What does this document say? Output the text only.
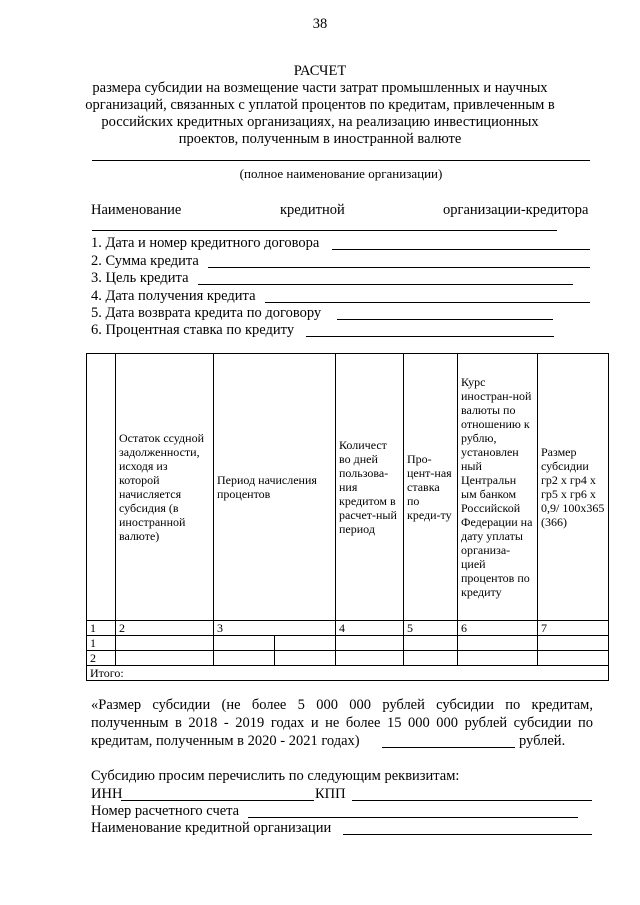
38
РАСЧЕТ
размера субсидии на возмещение части затрат промышленных и научных
организаций, связанных с уплатой процентов по кредитам, привлеченным в
российских кредитных организациях, на реализацию инвестиционных
проектов, полученным в иностранной валюте
(полное наименование организации)
Наименование	кредитной	организации-кредитора
1. Дата и номер кредитного договора
2. Сумма кредита
3. Цель кредита
4. Дата получения кредита
5. Дата возврата кредита по договору
6. Процентная ставка по кредиту
	Остаток ссудной задолженности, исходя из которой начисляется субсидия (в иностранной валюте)	Период начисления процентов		Количест во дней пользова-ния кредитом в расчет-ный период	Про-цент-ная ставка по креди-ту	Курс иностран-ной валюты по отношению к рублю, установлен ный Центральн ым банком Российской Федерации на дату уплаты организа-цией процентов по кредиту	Размер субсидии гр2 х гр4 х гр5 х гр6 х 0,9/ 100х365 (366)
1	2	3		4	5	6	7
1							
2							
Итого:							
«Размер субсидии (не более 5 000 000 рублей субсидии по кредитам,
полученным в 2018 - 2019 годах и не более 15 000 000 рублей субсидии по
кредитам, полученным в 2020 - 2021 годах)	рублей.
Субсидию просим перечислить по следующим реквизитам:
ИНН	КПП
Номер расчетного счета
Наименование кредитной организации
